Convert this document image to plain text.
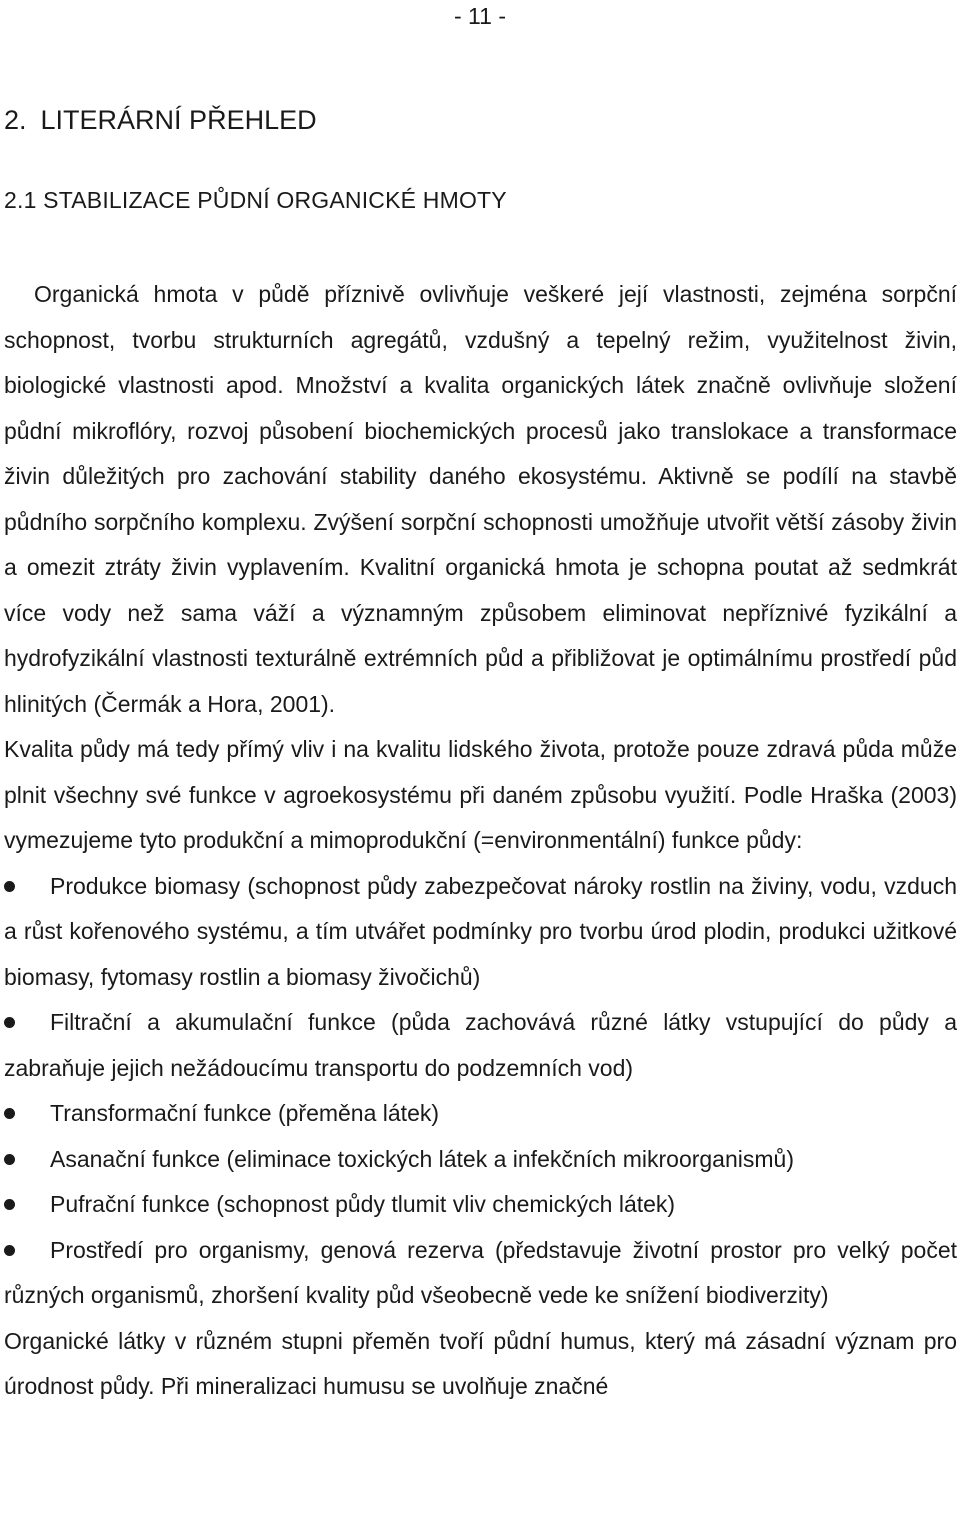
- 11 -
2. LITERÁRNÍ PŘEHLED
2.1 STABILIZACE PŮDNÍ ORGANICKÉ HMOTY

Organická hmota v půdě příznivě ovlivňuje veškeré její vlastnosti, zejména sorpční schopnost, tvorbu strukturních agregátů, vzdušný a tepelný režim, využitelnost živin, biologické vlastnosti apod. Množství a kvalita organických látek značně ovlivňuje složení půdní mikroflóry, rozvoj působení biochemických procesů jako translokace a transformace živin důležitých pro zachování stability daného ekosystému. Aktivně se podílí na stavbě půdního sorpčního komplexu. Zvýšení sorpční schopnosti umožňuje utvořit větší zásoby živin a omezit ztráty živin vyplavením. Kvalitní organická hmota je schopna poutat až sedmkrát více vody než sama váží a významným způsobem eliminovat nepříznivé fyzikální a hydrofyzikální vlastnosti texturálně extrémních půd a přibližovat je optimálnímu prostředí půd hlinitých (Čermák a Hora, 2001).

Kvalita půdy má tedy přímý vliv i na kvalitu lidského života, protože pouze zdravá půda může plnit všechny své funkce v agroekosystému při daném způsobu využití. Podle Hraška (2003) vymezujeme tyto produkční a mimoprodukční (=environmentální) funkce půdy:

Produkce biomasy (schopnost půdy zabezpečovat nároky rostlin na živiny, vodu, vzduch a růst kořenového systému, a tím utvářet podmínky pro tvorbu úrod plodin, produkci užitkové biomasy, fytomasy rostlin a biomasy živočichů)
Filtrační a akumulační funkce (půda zachovává různé látky vstupující do půdy a zabraňuje jejich nežádoucímu transportu do podzemních vod)
Transformační funkce (přeměna látek)
Asanační funkce (eliminace toxických látek a infekčních mikroorganismů)
Pufrační funkce (schopnost půdy tlumit vliv chemických látek)
Prostředí pro organismy, genová rezerva (představuje životní prostor pro velký počet různých organismů, zhoršení kvality půd všeobecně vede ke snížení biodiverzity)

Organické látky v různém stupni přeměn tvoří půdní humus, který má zásadní význam pro úrodnost půdy. Při mineralizaci humusu se uvolňuje značné
